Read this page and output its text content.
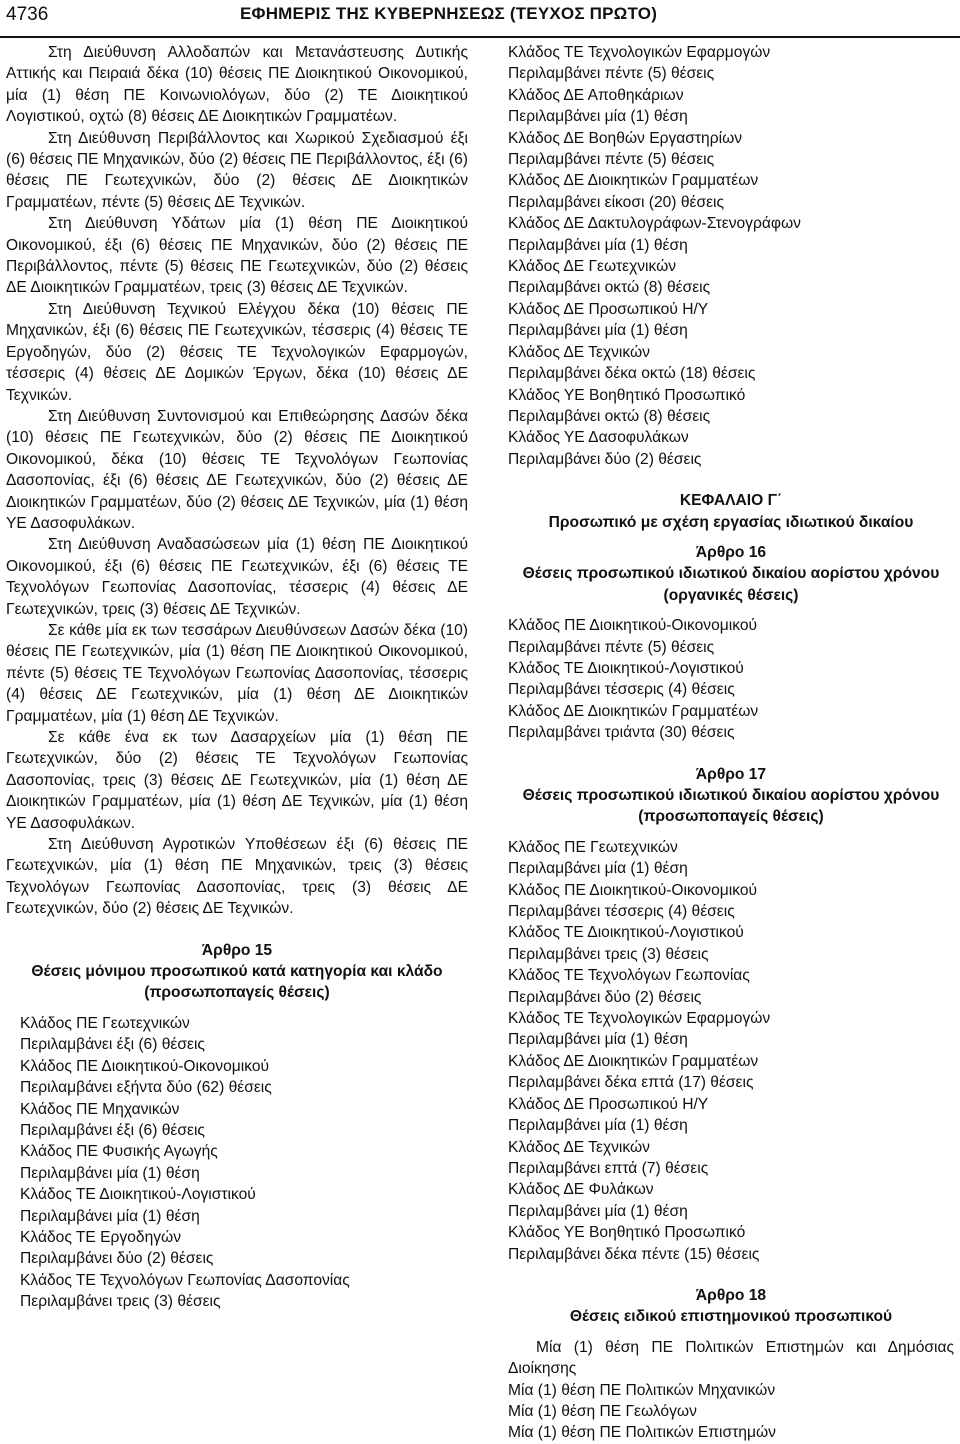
4736	ΕΦΗΜΕΡΙΣ ΤΗΣ ΚΥΒΕΡΝΗΣΕΩΣ (ΤΕΥΧΟΣ ΠΡΩΤΟ)

Στη Διεύθυνση Αλλοδαπών και Μετανάστευσης Δυτικής Αττικής και Πειραιά δέκα (10) θέσεις ΠΕ Διοικητικού Οικονομικού, μία (1) θέση ΠΕ Κοινωνιολόγων, δύο (2) ΤΕ Διοικητικού Λογιστικού, οχτώ (8) θέσεις ΔΕ Διοικητικών Γραμματέων.

Στη Διεύθυνση Περιβάλλοντος και Χωρικού Σχεδιασμού έξι (6) θέσεις ΠΕ Μηχανικών, δύο (2) θέσεις ΠΕ Περιβάλλοντος, έξι (6) θέσεις ΠΕ Γεωτεχνικών, δύο (2) θέσεις ΔΕ Διοικητικών Γραμματέων, πέντε (5) θέσεις ΔΕ Τεχνικών.

Στη Διεύθυνση Υδάτων μία (1) θέση ΠΕ Διοικητικού Οικονομικού, έξι (6) θέσεις ΠΕ Μηχανικών, δύο (2) θέσεις ΠΕ Περιβάλλοντος, πέντε (5) θέσεις ΠΕ Γεωτεχνικών, δύο (2) θέσεις ΔΕ Διοικητικών Γραμματέων, τρεις (3) θέσεις ΔΕ Τεχνικών.

Στη Διεύθυνση Τεχνικού Ελέγχου δέκα (10) θέσεις ΠΕ Μηχανικών, έξι (6) θέσεις ΠΕ Γεωτεχνικών, τέσσερις (4) θέσεις ΤΕ Εργοδηγών, δύο (2) θέσεις ΤΕ Τεχνολογικών Εφαρμογών, τέσσερις (4) θέσεις ΔΕ Δομικών Έργων, δέκα (10) θέσεις ΔΕ Τεχνικών.

Στη Διεύθυνση Συντονισμού και Επιθεώρησης Δασών δέκα (10) θέσεις ΠΕ Γεωτεχνικών, δύο (2) θέσεις ΠΕ Διοικητικού Οικονομικού, δέκα (10) θέσεις ΤΕ Τεχνολόγων Γεωπονίας Δασοπονίας, έξι (6) θέσεις ΔΕ Γεωτεχνικών, δύο (2) θέσεις ΔΕ Διοικητικών Γραμματέων, δύο (2) θέσεις ΔΕ Τεχνικών, μία (1) θέση ΥΕ Δασοφυλάκων.

Στη Διεύθυνση Αναδασώσεων μία (1) θέση ΠΕ Διοικητικού Οικονομικού, έξι (6) θέσεις ΠΕ Γεωτεχνικών, έξι (6) θέσεις ΤΕ Τεχνολόγων Γεωπονίας Δασοπονίας, τέσσερις (4) θέσεις ΔΕ Γεωτεχνικών, τρεις (3) θέσεις ΔΕ Τεχνικών.

Σε κάθε μία εκ των τεσσάρων Διευθύνσεων Δασών δέκα (10) θέσεις ΠΕ Γεωτεχνικών, μία (1) θέση ΠΕ Διοικητικού Οικονομικού, πέντε (5) θέσεις ΤΕ Τεχνολόγων Γεωπονίας Δασοπονίας, τέσσερις (4) θέσεις ΔΕ Γεωτεχνικών, μία (1) θέση ΔΕ Διοικητικών Γραμματέων, μία (1) θέση ΔΕ Τεχνικών.

Σε κάθε ένα εκ των Δασαρχείων μία (1) θέση ΠΕ Γεωτεχνικών, δύο (2) θέσεις ΤΕ Τεχνολόγων Γεωπονίας Δασοπονίας, τρεις (3) θέσεις ΔΕ Γεωτεχνικών, μία (1) θέση ΔΕ Διοικητικών Γραμματέων, μία (1) θέση ΔΕ Τεχνικών, μία (1) θέση ΥΕ Δασοφυλάκων.

Στη Διεύθυνση Αγροτικών Υποθέσεων έξι (6) θέσεις ΠΕ Γεωτεχνικών, μία (1) θέση ΠΕ Μηχανικών, τρεις (3) θέσεις Τεχνολόγων Γεωπονίας Δασοπονίας, τρεις (3) θέσεις ΔΕ Γεωτεχνικών, δύο (2) θέσεις ΔΕ Τεχνικών.

Άρθρο 15

Θέσεις μόνιμου προσωπικού κατά κατηγορία και κλάδο (προσωποπαγείς θέσεις)

Κλάδος ΠΕ Γεωτεχνικών

Περιλαμβάνει έξι (6) θέσεις

Κλάδος ΠΕ Διοικητικού-Οικονομικού

Περιλαμβάνει εξήντα δύο (62) θέσεις

Κλάδος ΠΕ Μηχανικών

Περιλαμβάνει έξι (6) θέσεις

Κλάδος ΠΕ Φυσικής Αγωγής

Περιλαμβάνει μία (1) θέση

Κλάδος ΤΕ Διοικητικού-Λογιστικού

Περιλαμβάνει μία (1) θέση

Κλάδος ΤΕ Εργοδηγών

Περιλαμβάνει δύο (2) θέσεις

Κλάδος ΤΕ Τεχνολόγων Γεωπονίας Δασοπονίας

Περιλαμβάνει τρεις (3) θέσεις

Κλάδος ΤΕ Τεχνολογικών Εφαρμογών

Περιλαμβάνει πέντε (5) θέσεις

Κλάδος ΔΕ Αποθηκάριων

Περιλαμβάνει μία (1) θέση

Κλάδος ΔΕ Βοηθών Εργαστηρίων

Περιλαμβάνει πέντε (5) θέσεις

Κλάδος ΔΕ Διοικητικών Γραμματέων

Περιλαμβάνει είκοσι (20) θέσεις

Κλάδος ΔΕ Δακτυλογράφων-Στενογράφων

Περιλαμβάνει μία (1) θέση

Κλάδος ΔΕ Γεωτεχνικών

Περιλαμβάνει οκτώ (8) θέσεις

Κλάδος ΔΕ Προσωπικού Η/Υ

Περιλαμβάνει μία (1) θέση

Κλάδος ΔΕ Τεχνικών

Περιλαμβάνει δέκα οκτώ (18) θέσεις

Κλάδος ΥΕ Βοηθητικό Προσωπικό

Περιλαμβάνει οκτώ (8) θέσεις

Κλάδος ΥΕ Δασοφυλάκων

Περιλαμβάνει δύο (2) θέσεις

ΚΕΦΑΛΑΙΟ Γ΄

Προσωπικό με σχέση εργασίας ιδιωτικού δικαίου

Άρθρο 16

Θέσεις προσωπικού ιδιωτικού δικαίου αορίστου χρόνου (οργανικές θέσεις)

Κλάδος ΠΕ Διοικητικού-Οικονομικού

Περιλαμβάνει πέντε (5) θέσεις

Κλάδος ΤΕ Διοικητικού-Λογιστικού

Περιλαμβάνει τέσσερις (4) θέσεις

Κλάδος ΔΕ Διοικητικών Γραμματέων

Περιλαμβάνει τριάντα (30) θέσεις

Άρθρο 17

Θέσεις προσωπικού ιδιωτικού δικαίου αορίστου χρόνου (προσωποπαγείς θέσεις)

Κλάδος ΠΕ Γεωτεχνικών

Περιλαμβάνει μία (1) θέση

Κλάδος ΠΕ Διοικητικού-Οικονομικού

Περιλαμβάνει τέσσερις (4) θέσεις

Κλάδος ΤΕ Διοικητικού-Λογιστικού

Περιλαμβάνει τρεις (3) θέσεις

Κλάδος ΤΕ Τεχνολόγων Γεωπονίας

Περιλαμβάνει δύο (2) θέσεις

Κλάδος ΤΕ Τεχνολογικών Εφαρμογών

Περιλαμβάνει μία (1) θέση

Κλάδος ΔΕ Διοικητικών Γραμματέων

Περιλαμβάνει δέκα επτά (17) θέσεις

Κλάδος ΔΕ Προσωπικού Η/Υ

Περιλαμβάνει μία (1) θέση

Κλάδος ΔΕ Τεχνικών

Περιλαμβάνει επτά (7) θέσεις

Κλάδος ΔΕ Φυλάκων

Περιλαμβάνει μία (1) θέση

Κλάδος ΥΕ Βοηθητικό Προσωπικό

Περιλαμβάνει δέκα πέντε (15) θέσεις

Άρθρο 18

Θέσεις ειδικού επιστημονικού προσωπικού

Μία (1) θέση ΠΕ Πολιτικών Επιστημών και Δημόσιας Διοίκησης

Μία (1) θέση ΠΕ Πολιτικών Μηχανικών

Μία (1) θέση ΠΕ Γεωλόγων

Μία (1) θέση ΠΕ Πολιτικών Επιστημών
